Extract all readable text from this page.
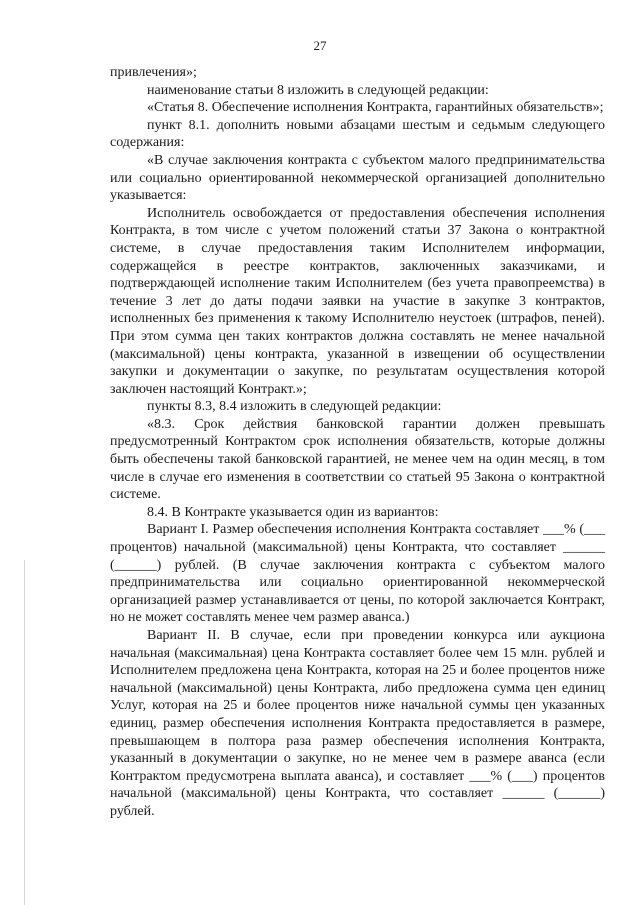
27

привлечения»;

наименование статьи 8 изложить в следующей редакции:

«Статья 8. Обеспечение исполнения Контракта, гарантийных обязательств»;

пункт 8.1. дополнить новыми абзацами шестым и седьмым следующего содержания:

«В случае заключения контракта с субъектом малого предпринимательства или социально ориентированной некоммерческой организацией дополнительно указывается:

Исполнитель освобождается от предоставления обеспечения исполнения Контракта, в том числе с учетом положений статьи 37 Закона о контрактной системе, в случае предоставления таким Исполнителем информации, содержащейся в реестре контрактов, заключенных заказчиками, и подтверждающей исполнение таким Исполнителем (без учета правопреемства) в течение 3 лет до даты подачи заявки на участие в закупке 3 контрактов, исполненных без применения к такому Исполнителю неустоек (штрафов, пеней). При этом сумма цен таких контрактов должна составлять не менее начальной (максимальной) цены контракта, указанной в извещении об осуществлении закупки и документации о закупке, по результатам осуществления которой заключен настоящий Контракт.»;

пункты 8.3, 8.4 изложить в следующей редакции:

«8.3. Срок действия банковской гарантии должен превышать предусмотренный Контрактом срок исполнения обязательств, которые должны быть обеспечены такой банковской гарантией, не менее чем на один месяц, в том числе в случае его изменения в соответствии со статьей 95 Закона о контрактной системе.

8.4. В Контракте указывается один из вариантов:

Вариант I. Размер обеспечения исполнения Контракта составляет ___% (___ процентов) начальной (максимальной) цены Контракта, что составляет ______ (______) рублей. (В случае заключения контракта с субъектом малого предпринимательства или социально ориентированной некоммерческой организацией размер устанавливается от цены, по которой заключается Контракт, но не может составлять менее чем размер аванса.)

Вариант II. В случае, если при проведении конкурса или аукциона начальная (максимальная) цена Контракта составляет более чем 15 млн. рублей и Исполнителем предложена цена Контракта, которая на 25 и более процентов ниже начальной (максимальной) цены Контракта, либо предложена сумма цен единиц Услуг, которая на 25 и более процентов ниже начальной суммы цен указанных единиц, размер обеспечения исполнения Контракта предоставляется в размере, превышающем в полтора раза размер обеспечения исполнения Контракта, указанный в документации о закупке, но не менее чем в размере аванса (если Контрактом предусмотрена выплата аванса), и составляет ___% (___) процентов начальной (максимальной) цены Контракта, что составляет ______ (______) рублей.
